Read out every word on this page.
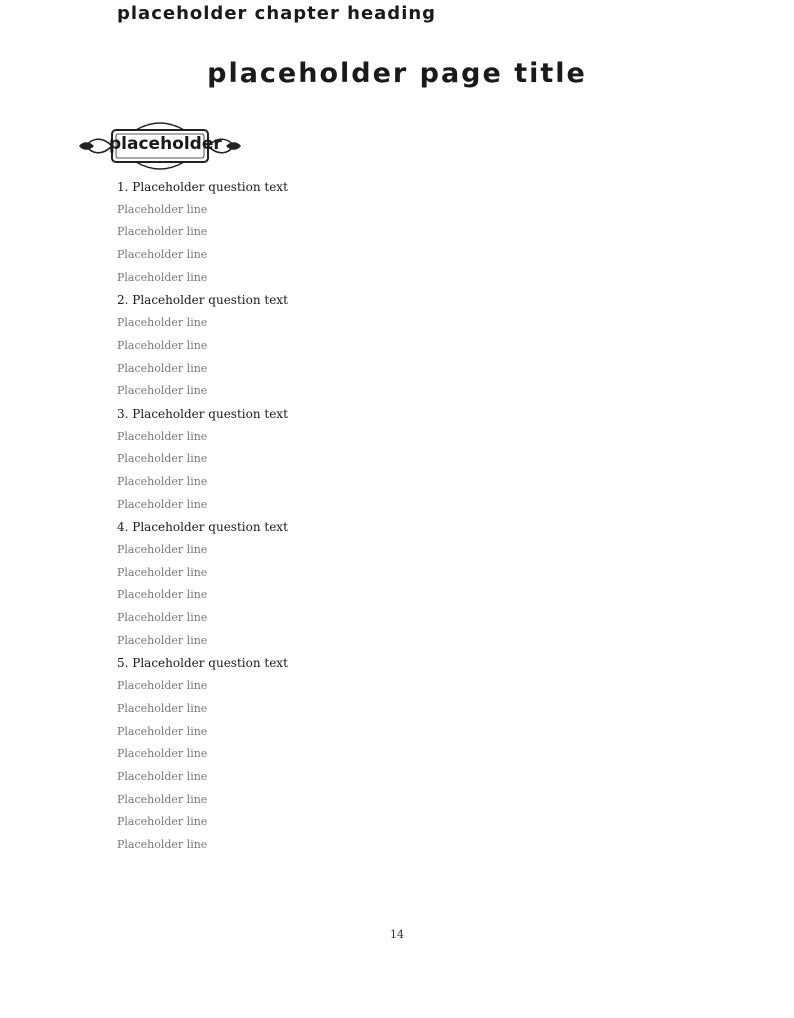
placeholder chapter heading
placeholder page title
placeholder
1. Placeholder question text
Placeholder line
Placeholder line
Placeholder line
Placeholder line
2. Placeholder question text
Placeholder line
Placeholder line
Placeholder line
Placeholder line
3. Placeholder question text
Placeholder line
Placeholder line
Placeholder line
Placeholder line
4. Placeholder question text
Placeholder line
Placeholder line
Placeholder line
Placeholder line
Placeholder line
5. Placeholder question text
Placeholder line
Placeholder line
Placeholder line
Placeholder line
Placeholder line
Placeholder line
Placeholder line
Placeholder line
14
